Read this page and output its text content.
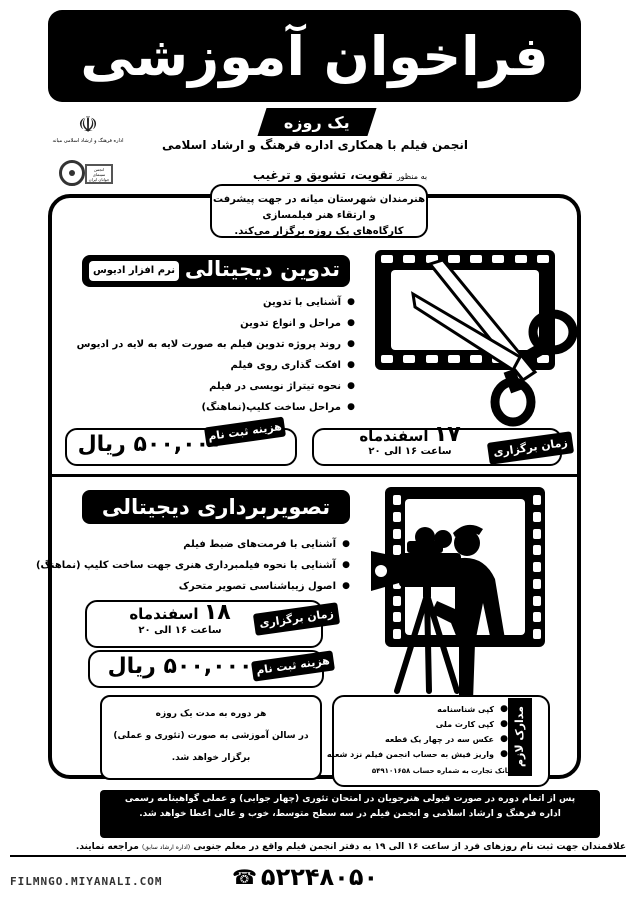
فراخوان آموزشی
یک روزه
انجمن فیلم با همکاری اداره فرهنگ و ارشاد اسلامی
☫
اداره فرهنگ و ارشاد اسلامی میانه
انجمن سینمای جوانان ایران	به منظور تقویت، تشویق و ترغیب
هنرمندان شهرستان میانه در جهت پیشرفت و ارتقاء هنر فیلمسازی
کارگاه‌های یک روزه برگزار می‌کند.
تدوین دیجیتالی
نرم افزار ادیوس
● آشنایی با تدوین
● مراحل و انواع تدوین
● روند پروژه تدوین فیلم به صورت لایه به لایه در ادیوس
● افکت گذاری روی فیلم
● نحوه تیتراژ نویسی در فیلم
● مراحل ساخت کلیپ(نماهنگ)
زمان برگزاری
۱۷ اسفندماه
ساعت ۱۶ الی ۲۰
هزینه ثبت نام
۵۰۰,۰۰۰ ریال
تصویربرداری دیجیتالی
● آشنایی با فرمت‌های ضبط فیلم
● آشنایی با نحوه فیلمبرداری هنری جهت ساخت کلیپ (نماهنگ)
● اصول زیباشناسی تصویر متحرک
زمان برگزاری
۱۸ اسفندماه
ساعت ۱۶ الی ۲۰
هزینه ثبت نام
۵۰۰,۰۰۰ ریال
مدارک لازم
● کپی شناسنامه
● کپی کارت ملی
● عکس سه در چهار یک قطعه
● واریز فیش به حساب انجمن فیلم نزد شعبه
بانک تجارت به شماره حساب ۵۴۹۱۰۱۶۵۸
هر دوره به مدت یک روزه
در سالن آموزشی به صورت (تئوری و عملی)
برگزار خواهد شد.
پس از اتمام دوره در صورت قبولی هنرجویان در امتحان تئوری (چهار جوابی) و عملی گواهینامه رسمی
اداره فرهنگ و ارشاد اسلامی و انجمن فیلم در سه سطح متوسط، خوب و عالی اعطا خواهد شد.
علاقمندان جهت ثبت نام روزهای فرد از ساعت ۱۶ الی ۱۹ به دفتر انجمن فیلم واقع در معلم جنوبی (اداره ارشاد سابق) مراجعه نمایند.
FILMNGO.MIYANALI.COM	☎ ۵۲۲۴۸۰۵۰
